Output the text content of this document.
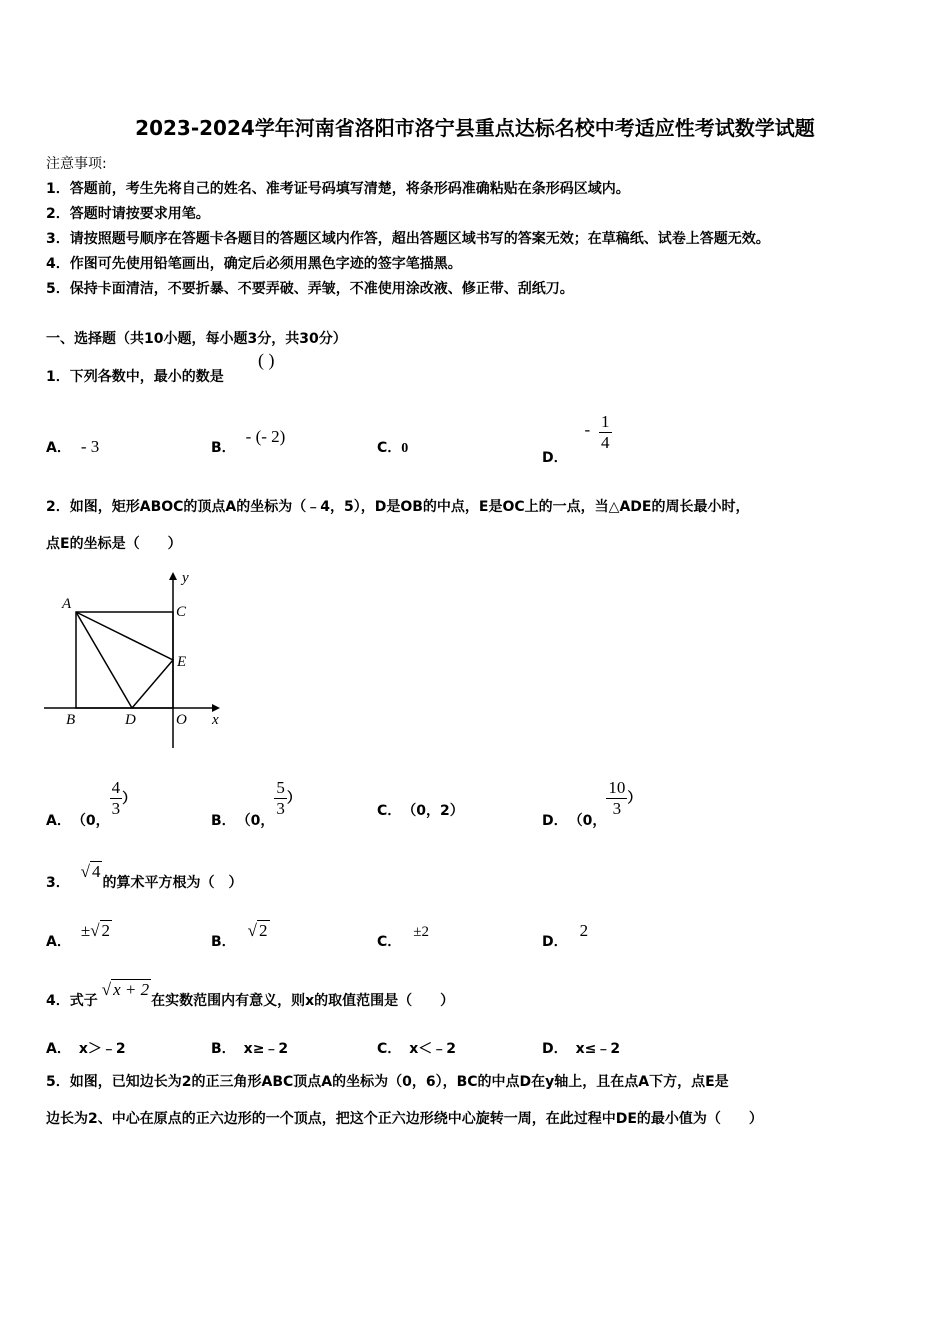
2023-2024学年河南省洛阳市洛宁县重点达标名校中考适应性考试数学试题
注意事项:
1．答题前，考生先将自己的姓名、准考证号码填写清楚，将条形码准确粘贴在条形码区域内。
2．答题时请按要求用笔。
3．请按照题号顺序在答题卡各题目的答题区域内作答，超出答题区域书写的答案无效；在草稿纸、试卷上答题无效。
4．作图可先使用铅笔画出，确定后必须用黑色字迹的签字笔描黑。
5．保持卡面清洁，不要折暴、不要弄破、弄皱，不准使用涂改液、修正带、刮纸刀。
一、选择题（共10小题，每小题3分，共30分）
1．下列各数中，最小的数是
( )
A． - 3	B．- (- 2)
C．0
D． - $\frac{1}{4}$
2．如图，矩形ABOC的顶点A的坐标为（﹣4，5），D是OB的中点，E是OC上的一点，当△ADE的周长最小时，
点E的坐标是（　　）
A
B
C
D
E
O x
y
A． （0，
$\frac{4}{3}$ ）
B． （0，
$\frac{5}{3}$ ）
C． （0，2）
D． （0，
$\frac{10}{3}$ ）
3． √ 4的算术平方根为（　）
A．±√ 2
B．√ 2
C．±2
D．2
4．式子√ x + 2在实数范围内有意义，则x的取值范围是（　　）
A． x＞﹣2	B． x≥﹣2	C． x＜﹣2	D． x≤﹣2
5．如图，已知边长为2的正三角形ABC顶点A的坐标为（0，6），BC的中点D在y轴上，且在点A下方，点E是
边长为2、中心在原点的正六边形的一个顶点，把这个正六边形绕中心旋转一周，在此过程中DE的最小值为（　　）
